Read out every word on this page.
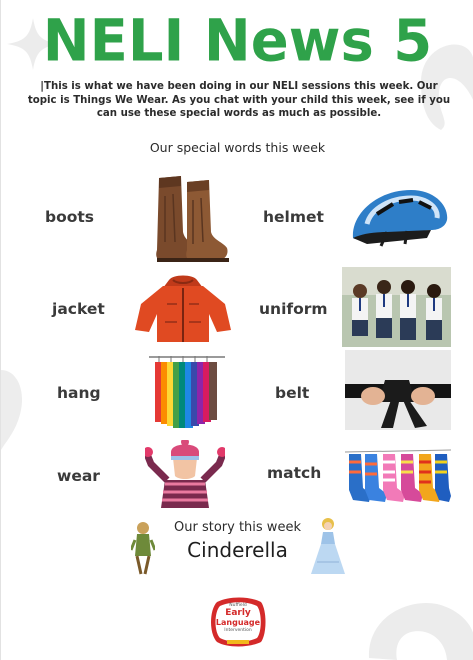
NELI News 5
|This is what we have been doing in our NELI sessions this week. Our topic is Things We Wear. As you chat with your child this week, see if you can use these special words as much as possible.
Our special words this week
boots	helmet
jacket	uniform
hang	belt
wear	match
Our story this week
Cinderella
Nuffield
Early
Language
Intervention
